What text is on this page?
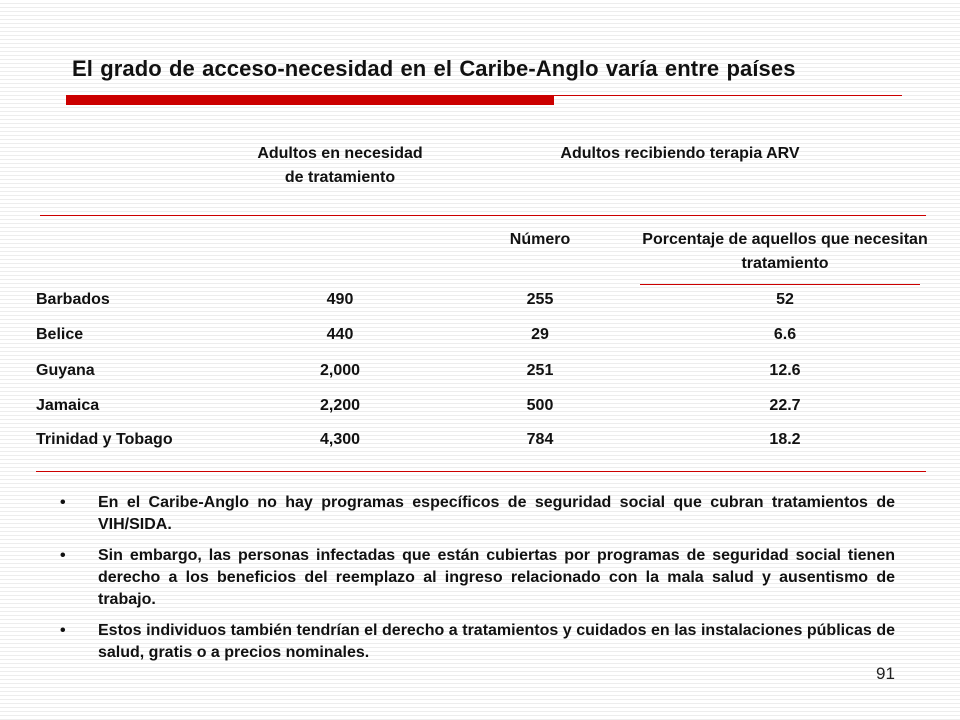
El grado de acceso-necesidad en el Caribe-Anglo varía entre países
Adultos en necesidad de tratamiento
Adultos recibiendo terapia ARV
Número	Porcentaje de aquellos que necesitan tratamiento
Barbados	490	255	52
Belice	440	29	6.6
Guyana	2,000	251	12.6
Jamaica	2,200	500	22.7
Trinidad y Tobago	4,300	784	18.2
• En el Caribe-Anglo no hay programas específicos de seguridad social que cubran tratamientos de VIH/SIDA.
• Sin embargo, las personas infectadas que están cubiertas por programas de seguridad social tienen derecho a los beneficios del reemplazo al ingreso relacionado con la mala salud y ausentismo de trabajo.
• Estos individuos también tendrían el derecho a tratamientos y cuidados en las instalaciones públicas de salud, gratis o a precios nominales.
91
